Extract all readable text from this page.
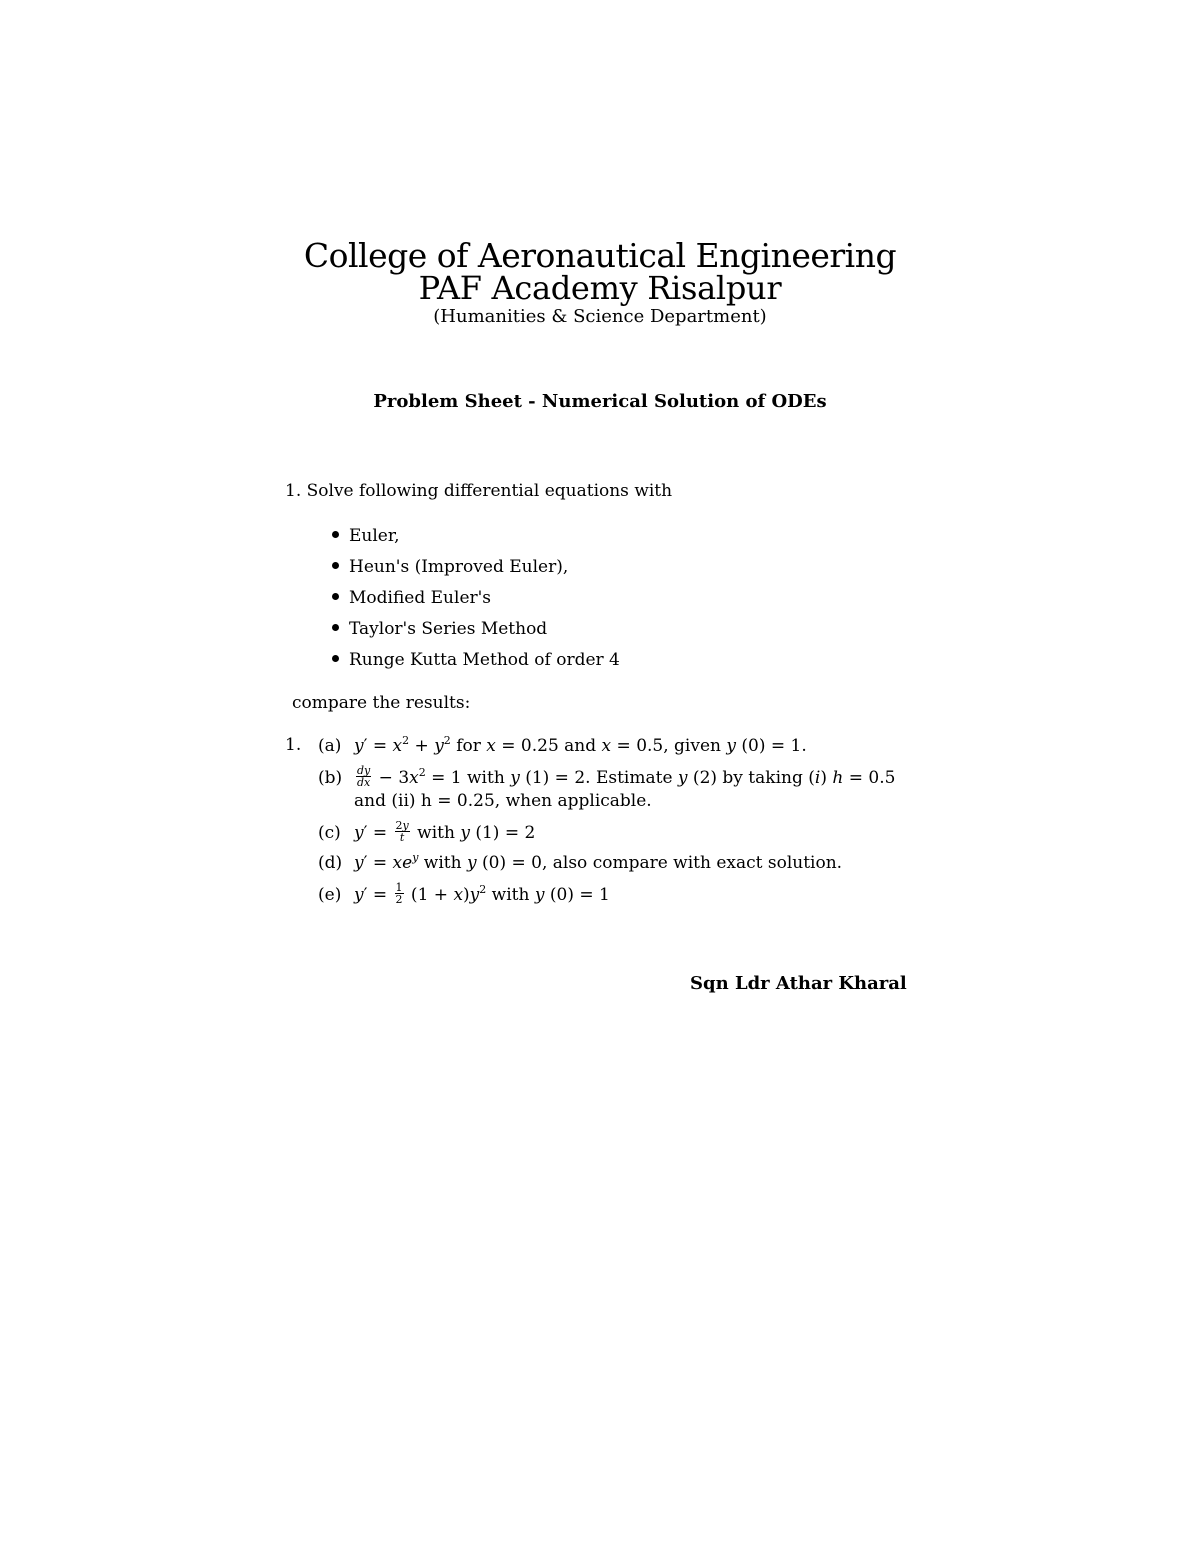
College of Aeronautical Engineering
PAF Academy Risalpur
(Humanities & Science Department)
Problem Sheet - Numerical Solution of ODEs
1. Solve following differential equations with
Euler,
Heun's (Improved Euler),
Modified Euler's
Taylor's Series Method
Runge Kutta Method of order 4
compare the results:
1. (a) $y' = x^2 + y^2$ for x = 0.25 and x = 0.5, given y (0) = 1.
$(b) \frac{dy}{dx} - 3x^2 = 1$ with y (1) = 2. Estimate y (2) by taking (i) h = 0.5
and (ii) h = 0.25, when applicable.
(c) $y' = \frac{2y}{t}$ with y (1) = 2
(d) $y' = xe^y$ with y (0) = 0, also compare with exact solution.
(e) $y' = \frac{1}{2} (1 + x)y^2$ with y (0) = 1
Sqn Ldr Athar Kharal
